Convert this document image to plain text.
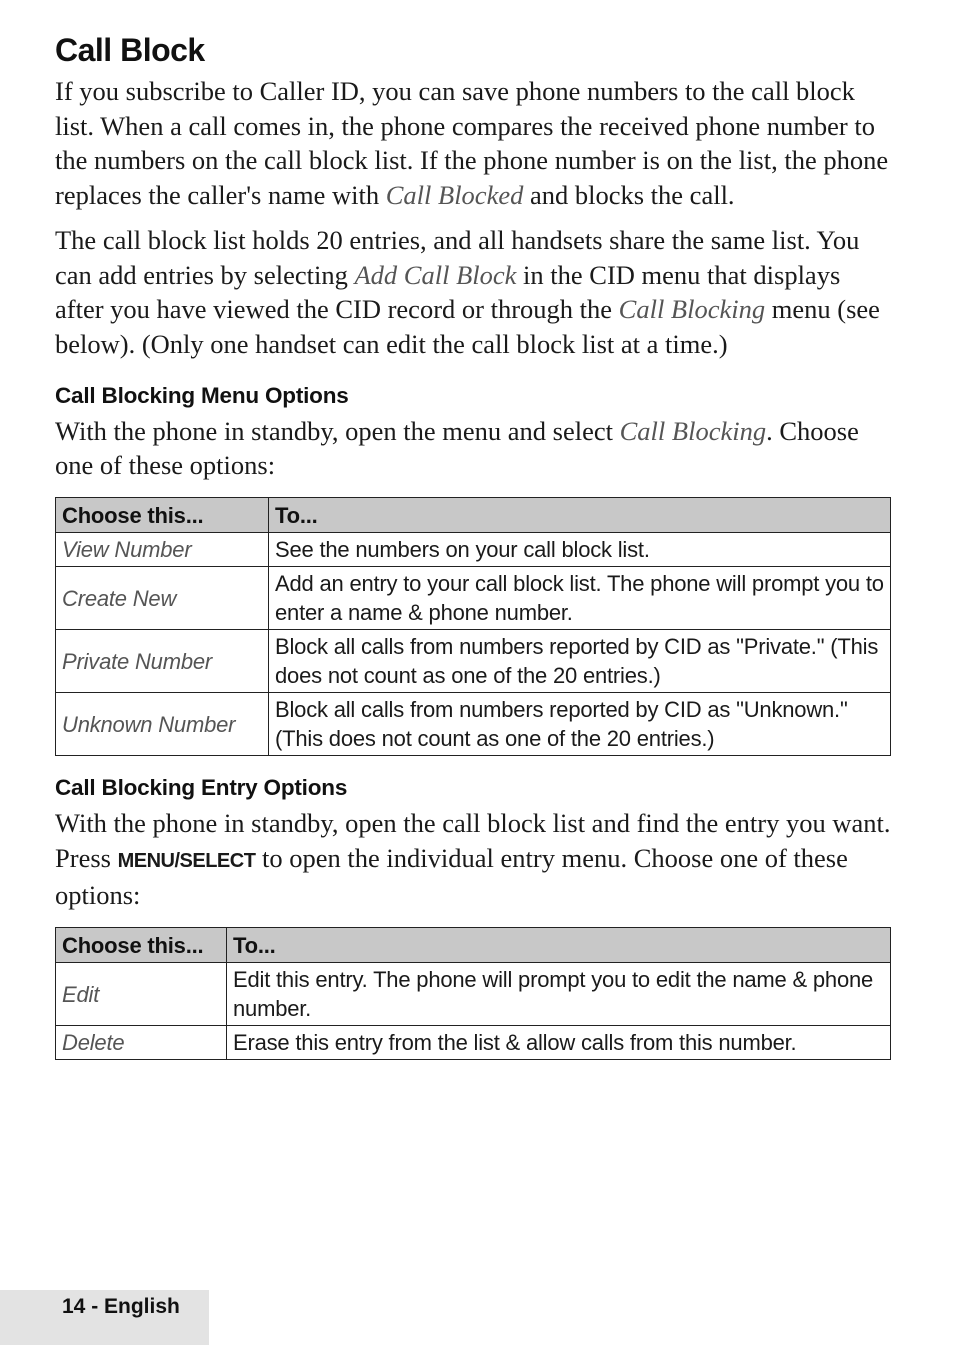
Call Block

If you subscribe to Caller ID, you can save phone numbers to the call block list. When a call comes in, the phone compares the received phone number to the numbers on the call block list. If the phone number is on the list, the phone replaces the caller's name with Call Blocked and blocks the call.

The call block list holds 20 entries, and all handsets share the same list. You can add entries by selecting Add Call Block in the CID menu that displays after you have viewed the CID record or through the Call Blocking menu (see below). (Only one handset can edit the call block list at a time.)

Call Blocking Menu Options

With the phone in standby, open the menu and select Call Blocking. Choose one of these options:

Choose this...	To...
View Number	See the numbers on your call block list.
Create New	Add an entry to your call block list. The phone will prompt you to enter a name & phone number.
Private Number	Block all calls from numbers reported by CID as "Private." (This does not count as one of the 20 entries.)
Unknown Number	Block all calls from numbers reported by CID as "Unknown." (This does not count as one of the 20 entries.)
Call Blocking Entry Options

With the phone in standby, open the call block list and find the entry you want. Press MENU/SELECT to open the individual entry menu. Choose one of these options:

Choose this...	To...
Edit	Edit this entry. The phone will prompt you to edit the name & phone number.
Delete	Erase this entry from the list & allow calls from this number.
14 - English
